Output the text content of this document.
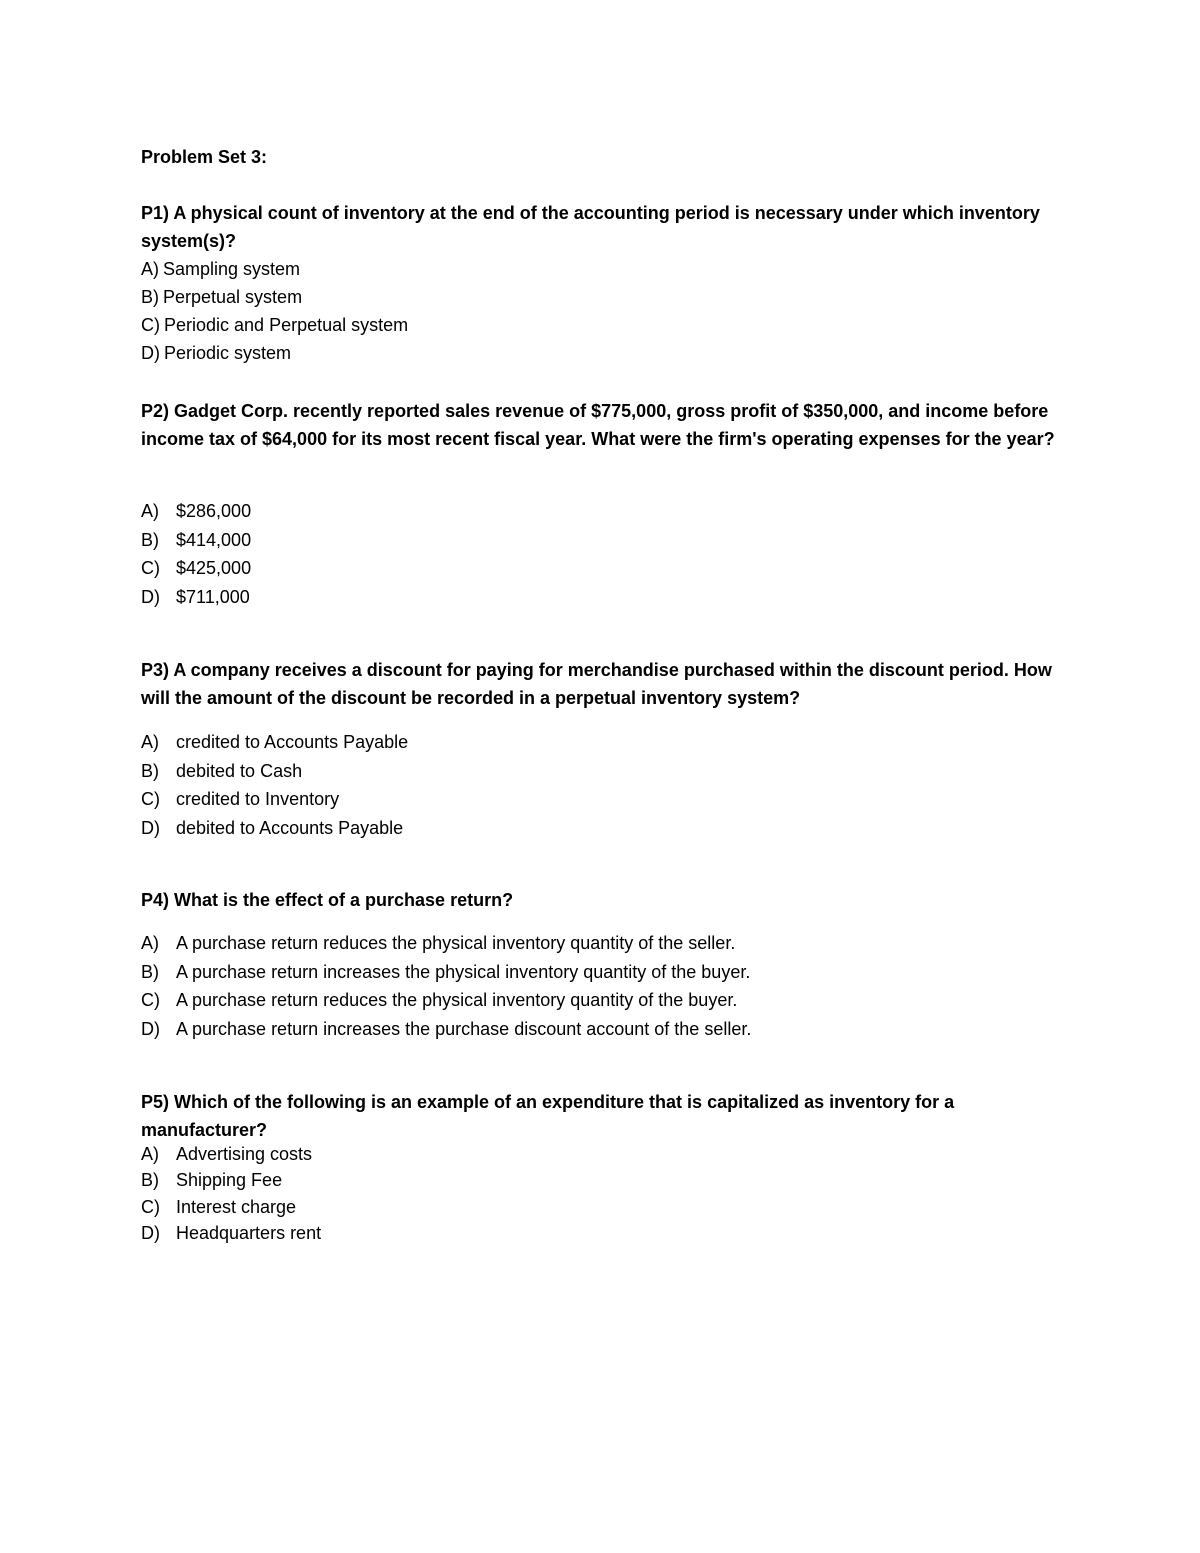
Problem Set 3:
P1) A physical count of inventory at the end of the accounting period is necessary under which inventory system(s)?
A) Sampling system
B) Perpetual system
C) Periodic and Perpetual system
D) Periodic system
P2) Gadget Corp. recently reported sales revenue of $775,000, gross profit of $350,000, and income before income tax of $64,000 for its most recent fiscal year. What were the firm's operating expenses for the year?
A) $286,000
B) $414,000
C) $425,000
D) $711,000
P3) A company receives a discount for paying for merchandise purchased within the discount period. How will the amount of the discount be recorded in a perpetual inventory system?
A) credited to Accounts Payable
B) debited to Cash
C) credited to Inventory
D) debited to Accounts Payable
P4) What is the effect of a purchase return?
A) A purchase return reduces the physical inventory quantity of the seller.
B) A purchase return increases the physical inventory quantity of the buyer.
C) A purchase return reduces the physical inventory quantity of the buyer.
D) A purchase return increases the purchase discount account of the seller.
P5) Which of the following is an example of an expenditure that is capitalized as inventory for a manufacturer?
A) Advertising costs
B) Shipping Fee
C) Interest charge
D) Headquarters rent
